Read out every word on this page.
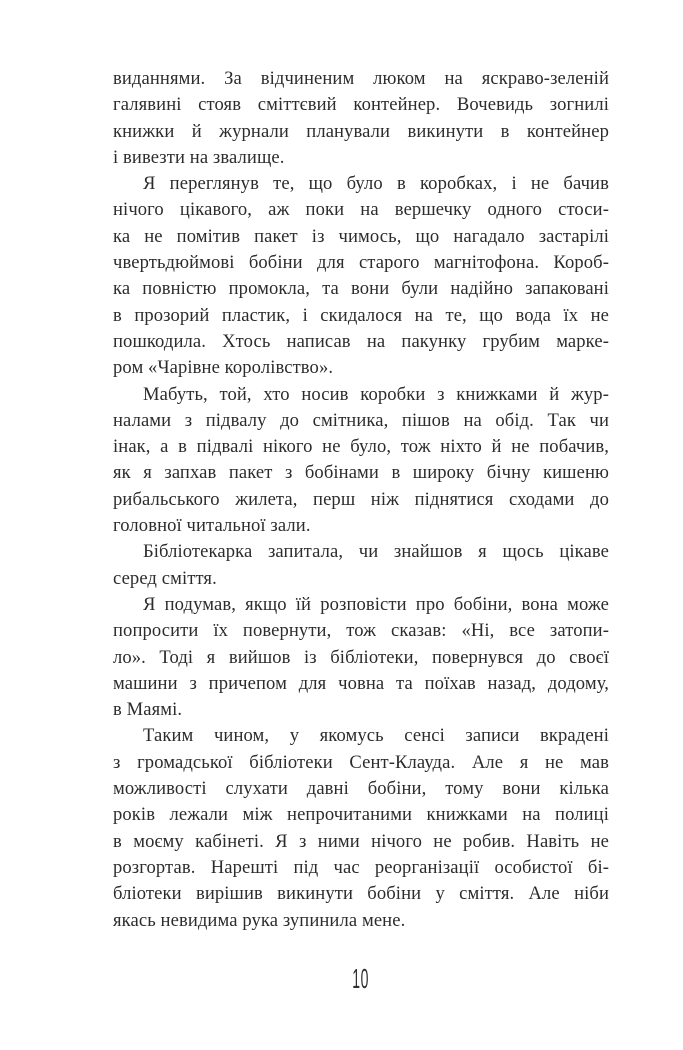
виданнями. За відчиненим люком на яскраво-зеленій
галявині стояв сміттєвий контейнер. Вочевидь зогнилі
книжки й журнали планували викинути в контейнер
і вивезти на звалище.

Я переглянув те, що було в коробках, і не бачив
нічого цікавого, аж поки на вершечку одного стоси-
ка не помітив пакет із чимось, що нагадало застарілі
чвертьдюймові бобіни для старого магнітофона. Короб-
ка повністю промокла, та вони були надійно запаковані
в прозорий пластик, і скидалося на те, що вода їх не
пошкодила. Хтось написав на пакунку грубим марке-
ром «Чарівне королівство».

Мабуть, той, хто носив коробки з книжками й жур-
налами з підвалу до смітника, пішов на обід. Так чи
інак, а в підвалі нікого не було, тож ніхто й не побачив,
як я запхав пакет з бобінами в широку бічну кишеню
рибальського жилета, перш ніж піднятися сходами до
головної читальної зали.

Бібліотекарка запитала, чи знайшов я щось цікаве
серед сміття.

Я подумав, якщо їй розповісти про бобіни, вона може
попросити їх повернути, тож сказав: «Ні, все затопи-
ло». Тоді я вийшов із бібліотеки, повернувся до своєї
машини з причепом для човна та поїхав назад, додому,
в Маямі.

Таким чином, у якомусь сенсі записи вкрадені
з громадської бібліотеки Сент-Клауда. Але я не мав
можливості слухати давні бобіни, тому вони кілька
років лежали між непрочитаними книжками на полиці
в моєму кабінеті. Я з ними нічого не робив. Навіть не
розгортав. Нарешті під час реорганізації особистої бі-
бліотеки вирішив викинути бобіни у сміття. Але ніби
якась невидима рука зупинила мене.

10
